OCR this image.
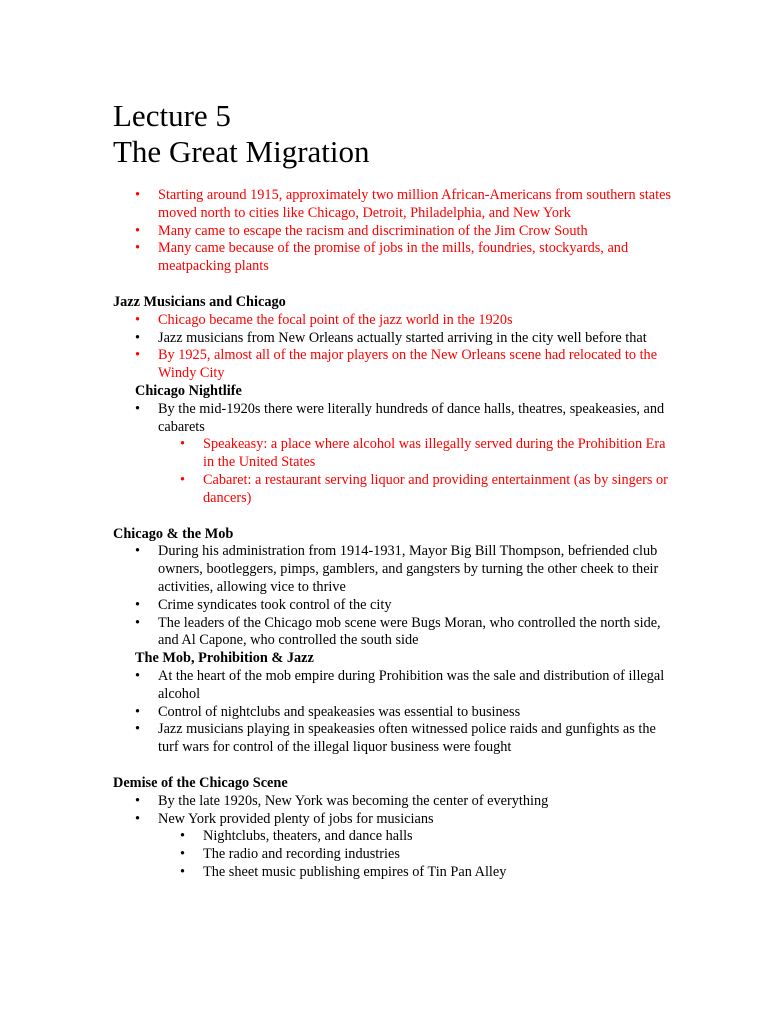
Lecture 5
The Great Migration
• Starting around 1915, approximately two million African-Americans from southern states moved north to cities like Chicago, Detroit, Philadelphia, and New York
• Many came to escape the racism and discrimination of the Jim Crow South
• Many came because of the promise of jobs in the mills, foundries, stockyards, and meatpacking plants
Jazz Musicians and Chicago
• Chicago became the focal point of the jazz world in the 1920s
• Jazz musicians from New Orleans actually started arriving in the city well before that
• By 1925, almost all of the major players on the New Orleans scene had relocated to the Windy City
Chicago Nightlife
• By the mid-1920s there were literally hundreds of dance halls, theatres, speakeasies, and cabarets
• Speakeasy: a place where alcohol was illegally served during the Prohibition Era in the United States
• Cabaret: a restaurant serving liquor and providing entertainment (as by singers or dancers)
Chicago & the Mob
• During his administration from 1914-1931, Mayor Big Bill Thompson, befriended club owners, bootleggers, pimps, gamblers, and gangsters by turning the other cheek to their activities, allowing vice to thrive
• Crime syndicates took control of the city
• The leaders of the Chicago mob scene were Bugs Moran, who controlled the north side, and Al Capone, who controlled the south side
The Mob, Prohibition & Jazz
• At the heart of the mob empire during Prohibition was the sale and distribution of illegal alcohol
• Control of nightclubs and speakeasies was essential to business
• Jazz musicians playing in speakeasies often witnessed police raids and gunfights as the turf wars for control of the illegal liquor business were fought
Demise of the Chicago Scene
• By the late 1920s, New York was becoming the center of everything
• New York provided plenty of jobs for musicians
• Nightclubs, theaters, and dance halls
• The radio and recording industries
• The sheet music publishing empires of Tin Pan Alley
